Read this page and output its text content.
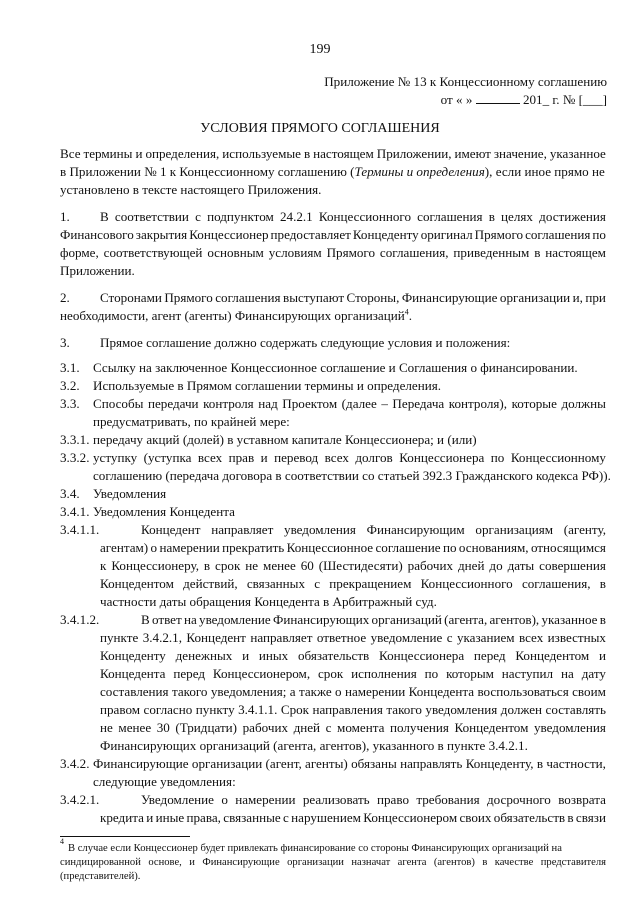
199
Приложение № 13 к Концессионному соглашению
от « »	201_ г. № [___]
УСЛОВИЯ ПРЯМОГО СОГЛАШЕНИЯ
Все термины и определения, используемые в настоящем Приложении, имеют значение, указанное
в Приложении № 1 к Концессионному соглашению (Термины и определения), если иное прямо не
установлено в тексте настоящего Приложения.
1. В соответствии с подпунктом 24.2.1 Концессионного соглашения в целях достижения
Финансового закрытия Концессионер предоставляет Концеденту оригинал Прямого соглашения по
форме, соответствующей основным условиям Прямого соглашения, приведенным в настоящем
Приложении.
2. Сторонами Прямого соглашения выступают Стороны, Финансирующие организации и, при
необходимости, агент (агенты) Финансирующих организаций$^4$.
3. Прямое соглашение должно содержать следующие условия и положения:
3.1. Ссылку на заключенное Концессионное соглашение и Соглашения о финансировании.
3.2. Используемые в Прямом соглашении термины и определения.
3.3. Способы передачи контроля над Проектом (далее – Передача контроля), которые должны
предусматривать, по крайней мере:
3.3.1. передачу акций (долей) в уставном капитале Концессионера; и (или)
3.3.2. уступку (уступка всех прав и перевод всех долгов Концессионера по Концессионному
соглашению (передача договора в соответствии со статьей 392.3 Гражданского кодекса РФ)).
3.4. Уведомления
3.4.1. Уведомления Концедента
3.4.1.1.	Концедент направляет уведомления Финансирующим организациям (агенту,
агентам) о намерении прекратить Концессионное соглашение по основаниям, относящимся
к Концессионеру, в срок не менее 60 (Шестидесяти) рабочих дней до даты совершения
Концедентом действий, связанных с прекращением Концессионного соглашения, в
частности даты обращения Концедента в Арбитражный суд.
3.4.1.2.	В ответ на уведомление Финансирующих организаций (агента, агентов), указанное в
пункте 3.4.2.1, Концедент направляет ответное уведомление с указанием всех известных
Концеденту денежных и иных обязательств Концессионера перед Концедентом и
Концедента перед Концессионером, срок исполнения по которым наступил на дату
составления такого уведомления; а также о намерении Концедента воспользоваться своим
правом согласно пункту 3.4.1.1. Срок направления такого уведомления должен составлять
не менее 30 (Тридцати) рабочих дней с момента получения Концедентом уведомления
Финансирующих организаций (агента, агентов), указанного в пункте 3.4.2.1.
3.4.2. Финансирующие организации (агент, агенты) обязаны направлять Концеденту, в частности,
следующие уведомления:
3.4.2.1.	Уведомление о намерении реализовать право требования досрочного возврата
кредита и иные права, связанные с нарушением Концессионером своих обязательств в связи
4
В случае если Концессионер будет привлекать финансирование со стороны Финансирующих организаций на
синдицированной основе, и Финансирующие организации назначат агента (агентов) в качестве представителя
(представителей).
